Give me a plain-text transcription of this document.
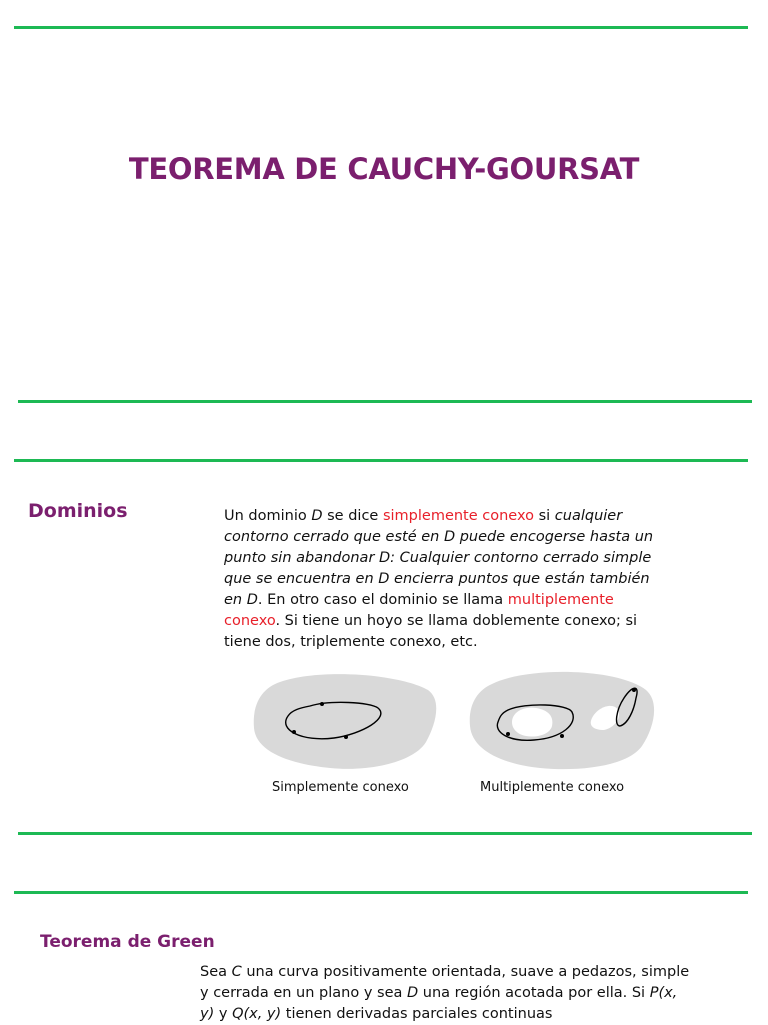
TEOREMA DE CAUCHY-GOURSAT
Dominios	Un dominio D se dice simplemente conexo si cualquier contorno cerrado que esté en D puede encogerse hasta un punto sin abandonar D: Cualquier contorno cerrado simple que se encuentra en D encierra puntos que están también en D. En otro caso el dominio se llama multiplemente conexo. Si tiene un hoyo se llama doblemente conexo; si tiene dos, triplemente conexo, etc.
Simplemente conexo	Multiplemente conexo
Teorema de Green
Sea C una curva positivamente orientada, suave a pedazos, simple y cerrada en un plano y sea D una región acotada por ella. Si P(x, y) y Q(x, y) tienen derivadas parciales continuas
